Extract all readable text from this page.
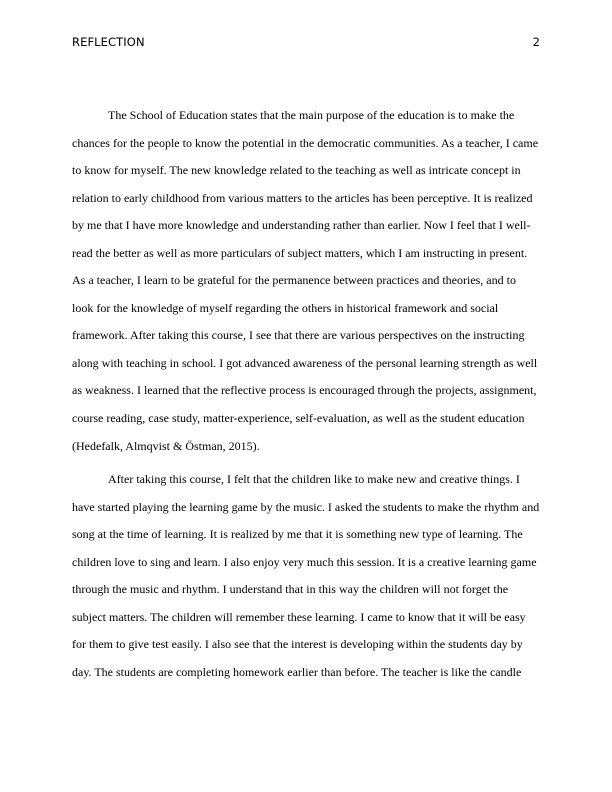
REFLECTION	2
The School of Education states that the main purpose of the education is to make the
chances for the people to know the potential in the democratic communities. As a teacher, I came
to know for myself. The new knowledge related to the teaching as well as intricate concept in
relation to early childhood from various matters to the articles has been perceptive. It is realized
by me that I have more knowledge and understanding rather than earlier. Now I feel that I well-
read the better as well as more particulars of subject matters, which I am instructing in present.
As a teacher, I learn to be grateful for the permanence between practices and theories, and to
look for the knowledge of myself regarding the others in historical framework and social
framework. After taking this course, I see that there are various perspectives on the instructing
along with teaching in school. I got advanced awareness of the personal learning strength as well
as weakness. I learned that the reflective process is encouraged through the projects, assignment,
course reading, case study, matter-experience, self-evaluation, as well as the student education
(Hedefalk, Almqvist & Östman, 2015).
After taking this course, I felt that the children like to make new and creative things. I
have started playing the learning game by the music. I asked the students to make the rhythm and
song at the time of learning. It is realized by me that it is something new type of learning. The
children love to sing and learn. I also enjoy very much this session. It is a creative learning game
through the music and rhythm. I understand that in this way the children will not forget the
subject matters. The children will remember these learning. I came to know that it will be easy
for them to give test easily. I also see that the interest is developing within the students day by
day. The students are completing homework earlier than before. The teacher is like the candle
